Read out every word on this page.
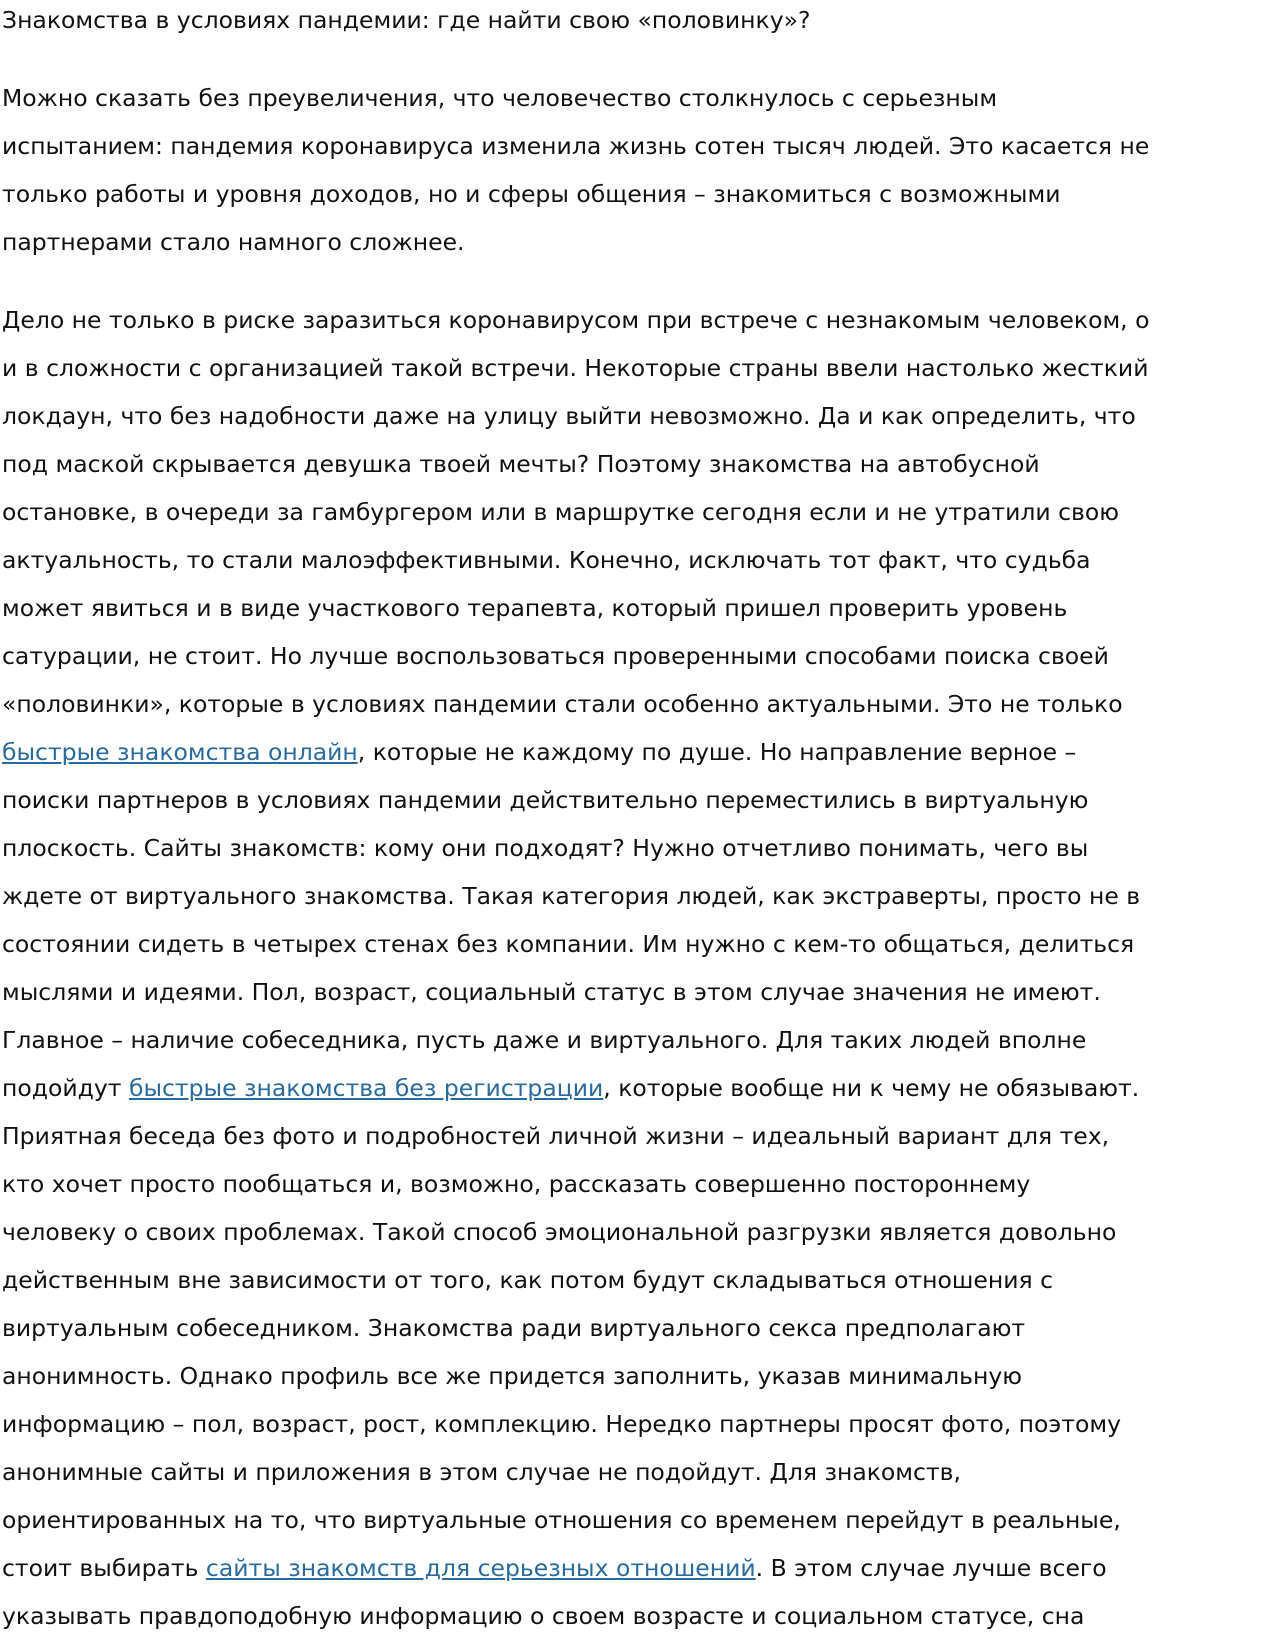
Знакомства в условиях пандемии: где найти свою «половинку»?
Можно сказать без преувеличения, что человечество столкнулось с серьезным
испытанием: пандемия коронавируса изменила жизнь сотен тысяч людей. Это касается не
только работы и уровня доходов, но и сферы общения – знакомиться с возможными
партнерами стало намного сложнее.
Дело не только в риске заразиться коронавирусом при встрече с незнакомым человеком, о
и в сложности с организацией такой встречи. Некоторые страны ввели настолько жесткий
локдаун, что без надобности даже на улицу выйти невозможно. Да и как определить, что
под маской скрывается девушка твоей мечты? Поэтому знакомства на автобусной
остановке, в очереди за гамбургером или в маршрутке сегодня если и не утратили свою
актуальность, то стали малоэффективными. Конечно, исключать тот факт, что судьба
может явиться и в виде участкового терапевта, который пришел проверить уровень
сатурации, не стоит. Но лучше воспользоваться проверенными способами поиска своей
«половинки», которые в условиях пандемии стали особенно актуальными. Это не только
быстрые знакомства онлайн, которые не каждому по душе. Но направление верное –
поиски партнеров в условиях пандемии действительно переместились в виртуальную
плоскость. Сайты знакомств: кому они подходят? Нужно отчетливо понимать, чего вы
ждете от виртуального знакомства. Такая категория людей, как экстраверты, просто не в
состоянии сидеть в четырех стенах без компании. Им нужно с кем-то общаться, делиться
мыслями и идеями. Пол, возраст, социальный статус в этом случае значения не имеют.
Главное – наличие собеседника, пусть даже и виртуального. Для таких людей вполне
подойдут быстрые знакомства без регистрации, которые вообще ни к чему не обязывают.
Приятная беседа без фото и подробностей личной жизни – идеальный вариант для тех,
кто хочет просто пообщаться и, возможно, рассказать совершенно постороннему
человеку о своих проблемах. Такой способ эмоциональной разгрузки является довольно
действенным вне зависимости от того, как потом будут складываться отношения с
виртуальным собеседником. Знакомства ради виртуального секса предполагают
анонимность. Однако профиль все же придется заполнить, указав минимальную
информацию – пол, возраст, рост, комплекцию. Нередко партнеры просят фото, поэтому
анонимные сайты и приложения в этом случае не подойдут. Для знакомств,
ориентированных на то, что виртуальные отношения со временем перейдут в реальные,
стоит выбирать сайты знакомств для серьезных отношений. В этом случае лучше всего
указывать правдоподобную информацию о своем возрасте и социальном статусе, сна
